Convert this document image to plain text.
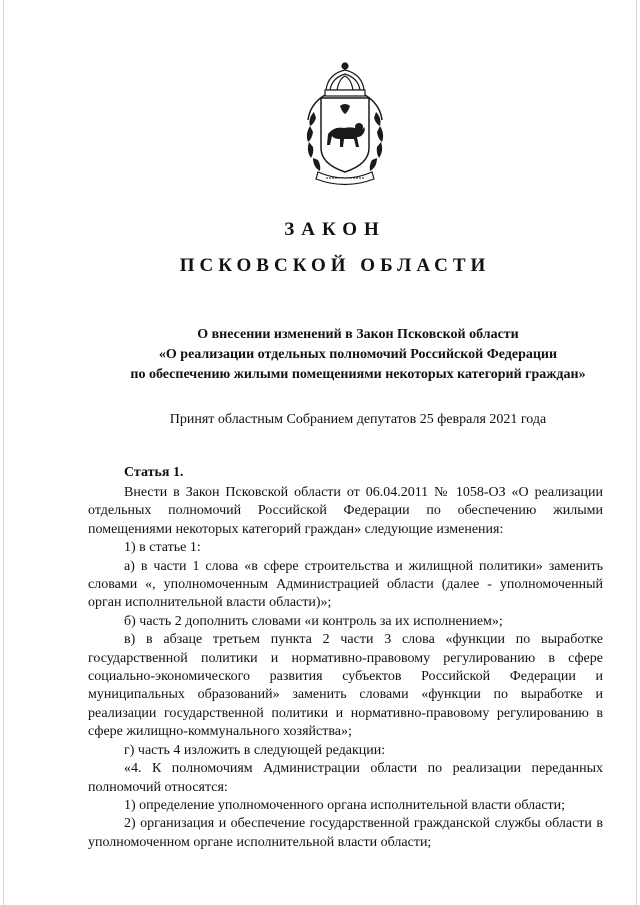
ЗАКОН
ПСКОВСКОЙ ОБЛАСТИ
О внесении изменений в Закон Псковской области
«О реализации отдельных полномочий Российской Федерации
по обеспечению жилыми помещениями некоторых категорий граждан»
Принят областным Собранием депутатов 25 февраля 2021 года
Статья 1.

Внести в Закон Псковской области от 06.04.2011 № 1058-ОЗ «О реализации отдельных полномочий Российской Федерации по обеспечению жилыми помещениями некоторых категорий граждан» следующие изменения:

1) в статье 1:

а) в части 1 слова «в сфере строительства и жилищной политики» заменить словами «, уполномоченным Администрацией области (далее - уполномоченный орган исполнительной власти области)»;

б) часть 2 дополнить словами «и контроль за их исполнением»;

в) в абзаце третьем пункта 2 части 3 слова «функции по выработке государственной политики и нормативно-правовому регулированию в сфере социально-экономического развития субъектов Российской Федерации и муниципальных образований» заменить словами «функции по выработке и реализации государственной политики и нормативно-правовому регулированию в сфере жилищно-коммунального хозяйства»;

г) часть 4 изложить в следующей редакции:

«4. К полномочиям Администрации области по реализации переданных полномочий относятся:

1) определение уполномоченного органа исполнительной власти области;

2) организация и обеспечение государственной гражданской службы области в уполномоченном органе исполнительной власти области;
